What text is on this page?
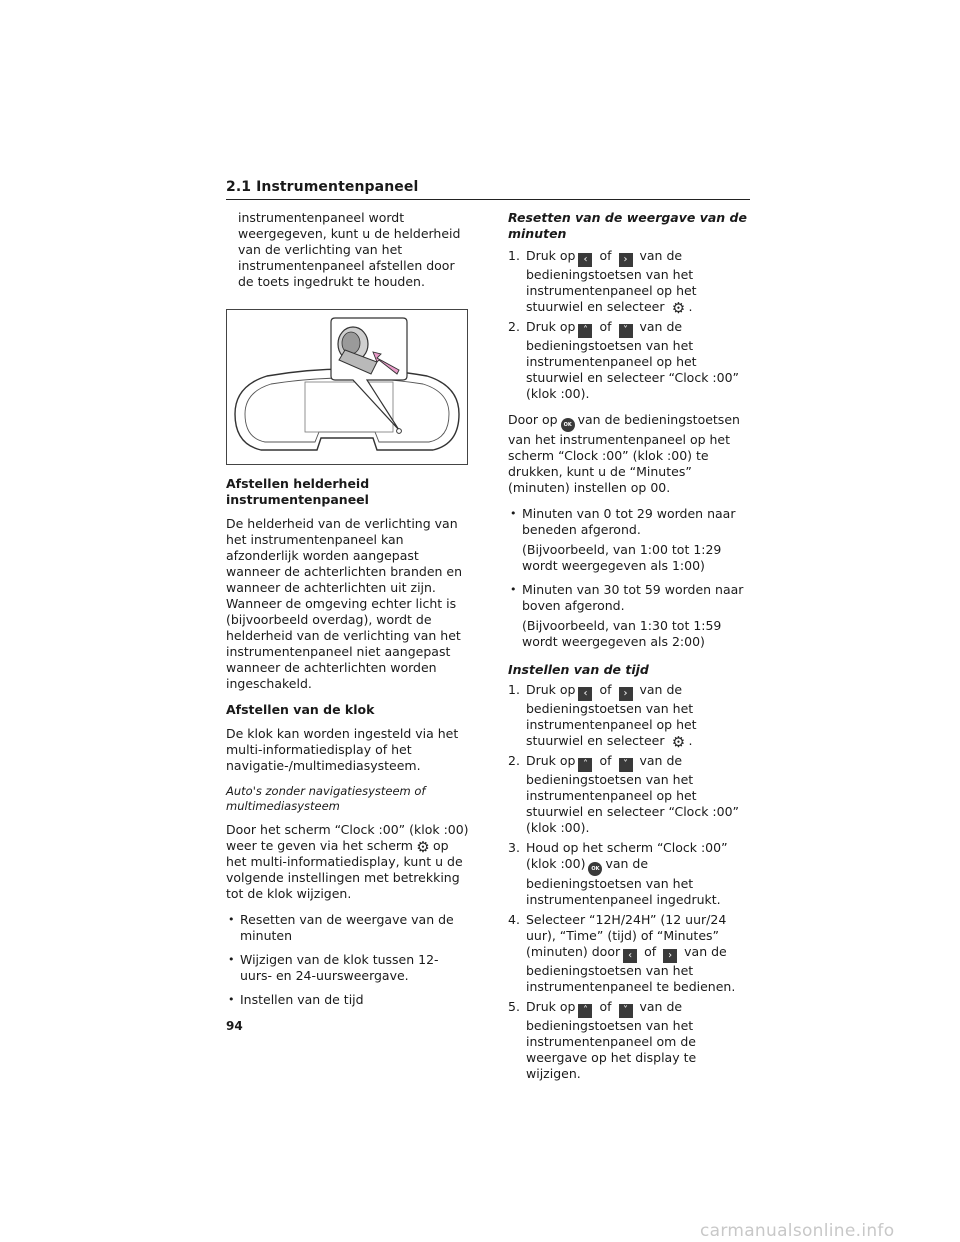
2.1 Instrumentenpaneel

instrumentenpaneel wordt weergegeven, kunt u de helderheid van de verlichting van het instrumentenpaneel afstellen door de toets ingedrukt te houden.

Afstellen helderheid
instrumentenpaneel

De helderheid van de verlichting van het instrumentenpaneel kan afzonderlijk worden aangepast wanneer de achterlichten branden en wanneer de achterlichten uit zijn. Wanneer de omgeving echter licht is (bijvoorbeeld overdag), wordt de helderheid van de verlichting van het instrumentenpaneel niet aangepast wanneer de achterlichten worden ingeschakeld.

Afstellen van de klok

De klok kan worden ingesteld via het multi-informatiedisplay of het navigatie-/multimediasysteem.

Auto's zonder navigatiesysteem of multimediasysteem

Door het scherm “Clock :00” (klok :00) weer te geven via het scherm ⚙ op het multi-informatiedisplay, kunt u de volgende instellingen met betrekking tot de klok wijzigen.

• Resetten van de weergave van de minuten
• Wijzigen van de klok tussen 12-uurs- en 24-uursweergave.
• Instellen van de tijd
Resetten van de weergave van de minuten
1. Druk op ‹ of › van de bedieningstoetsen van het instrumentenpaneel op het stuurwiel en selecteer ⚙ .
2. Druk op ˄ of ˅ van de bedieningstoetsen van het instrumentenpaneel op het stuurwiel en selecteer “Clock :00” (klok :00).

Door op OK van de bedieningstoetsen van het instrumentenpaneel op het scherm “Clock :00” (klok :00) te drukken, kunt u de “Minutes” (minuten) instellen op 00.

• Minuten van 0 tot 29 worden naar beneden afgerond.
(Bijvoorbeeld, van 1:00 tot 1:29 wordt weergegeven als 1:00)
• Minuten van 30 tot 59 worden naar boven afgerond.
(Bijvoorbeeld, van 1:30 tot 1:59 wordt weergegeven als 2:00)
Instellen van de tijd
1. Druk op ‹ of › van de bedieningstoetsen van het instrumentenpaneel op het stuurwiel en selecteer ⚙ .
2. Druk op ˄ of ˅ van de bedieningstoetsen van het instrumentenpaneel op het stuurwiel en selecteer “Clock :00” (klok :00).
3. Houd op het scherm “Clock :00” (klok :00) OK van de bedieningstoetsen van het instrumentenpaneel ingedrukt.
4. Selecteer “12H/24H” (12 uur/24 uur), “Time” (tijd) of “Minutes” (minuten) door ‹ of › van de bedieningstoetsen van het instrumentenpaneel te bedienen.
5. Druk op ˄ of ˅ van de bedieningstoetsen van het instrumentenpaneel om de weergave op het display te wijzigen.
94
carmanualsonline.info
